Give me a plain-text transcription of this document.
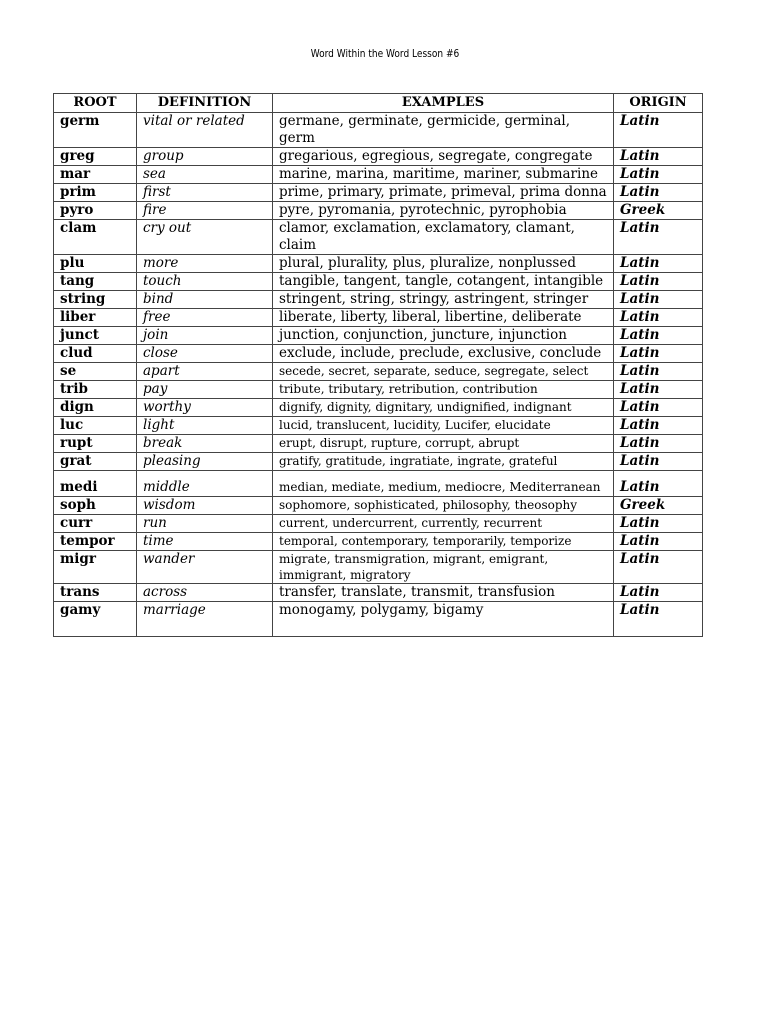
Word Within the Word Lesson #6
ROOT	DEFINITION	EXAMPLES	ORIGIN
germ	vital or related	germane, germinate, germicide, germinal, germ	Latin
greg	group	gregarious, egregious, segregate, congregate	Latin
mar	sea	marine, marina, maritime, mariner, submarine	Latin
prim	first	prime, primary, primate, primeval, prima donna	Latin
pyro	fire	pyre, pyromania, pyrotechnic, pyrophobia	Greek
clam	cry out	clamor, exclamation, exclamatory, clamant, claim	Latin
plu	more	plural, plurality, plus, pluralize, nonplussed	Latin
tang	touch	tangible, tangent, tangle, cotangent, intangible	Latin
string	bind	stringent, string, stringy, astringent, stringer	Latin
liber	free	liberate, liberty, liberal, libertine, deliberate	Latin
junct	join	junction, conjunction, juncture, injunction	Latin
clud	close	exclude, include, preclude, exclusive, conclude	Latin
se	apart	secede, secret, separate, seduce, segregate, select	Latin
trib	pay	tribute, tributary, retribution, contribution	Latin
dign	worthy	dignify, dignity, dignitary, undignified, indignant	Latin
luc	light	lucid, translucent, lucidity, Lucifer, elucidate	Latin
rupt	break	erupt, disrupt, rupture, corrupt, abrupt	Latin
grat	pleasing	gratify, gratitude, ingratiate, ingrate, grateful	Latin
medi	middle	median, mediate, medium, mediocre, Mediterranean	Latin
soph	wisdom	sophomore, sophisticated, philosophy, theosophy	Greek
curr	run	current, undercurrent, currently, recurrent	Latin
tempor	time	temporal, contemporary, temporarily, temporize	Latin
migr	wander	migrate, transmigration, migrant, emigrant, immigrant, migratory	Latin
trans	across	transfer, translate, transmit, transfusion	Latin
gamy	marriage	monogamy, polygamy, bigamy	Latin
